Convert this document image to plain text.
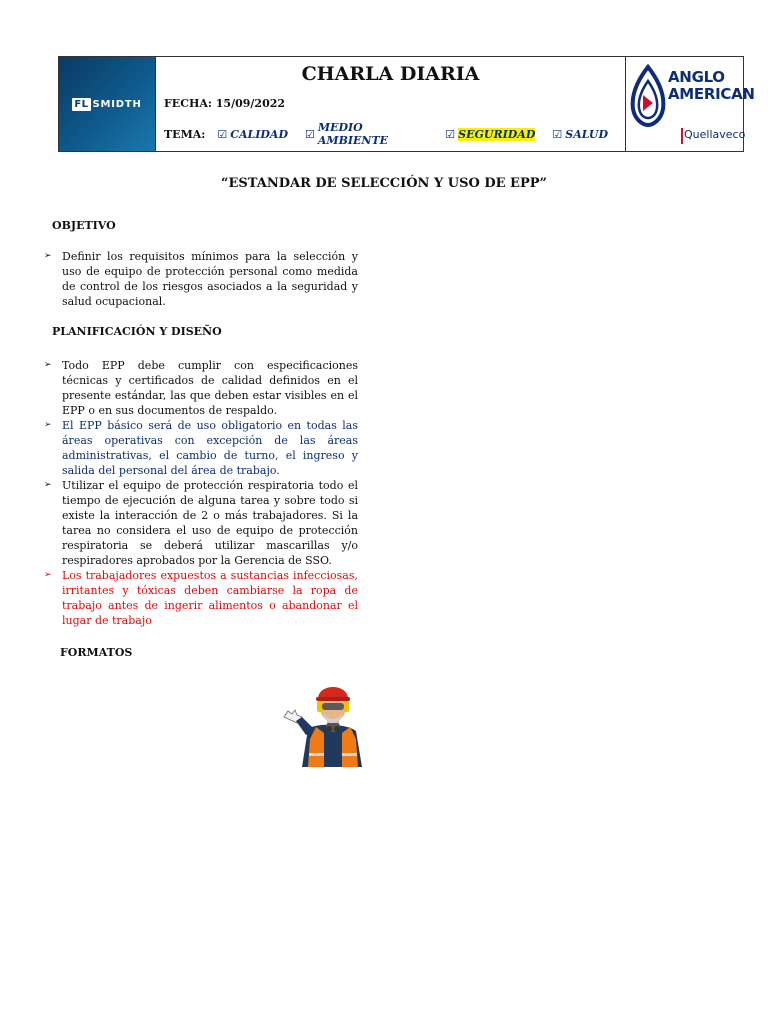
FL SMIDTH
CHARLA DIARIA
FECHA: 15/09/2022
TEMA: ☑ CALIDAD ☑ MEDIO AMBIENTE	☑ SEGURIDAD ☑ SALUD
ANGLO
AMERICAN
Quellaveco
“ESTANDAR DE SELECCIÓN Y USO DE EPP”
OBJETIVO
➢ Definir los requisitos mínimos para la selección y uso de equipo de protección personal como medida de control de los riesgos asociados a la seguridad y salud ocupacional.
PLANIFICACIÓN Y DISEÑO
➢ Todo EPP debe cumplir con especificaciones técnicas y certificados de calidad definidos en el presente estándar, las que deben estar visibles en el EPP o en sus documentos de respaldo.
➢ El EPP básico será de uso obligatorio en todas las áreas operativas con excepción de las áreas administrativas, el cambio de turno, el ingreso y salida del personal del área de trabajo.
➢ Utilizar el equipo de protección respiratoria todo el tiempo de ejecución de alguna tarea y sobre todo si existe la interacción de 2 o más trabajadores. Si la tarea no considera el uso de equipo de protección respiratoria se deberá utilizar mascarillas y/o respiradores aprobados por la Gerencia de SSO.
➢ Los trabajadores expuestos a sustancias infecciosas, irritantes y tóxicas deben cambiarse la ropa de trabajo antes de ingerir alimentos o abandonar el lugar de trabajo
FORMATOS
